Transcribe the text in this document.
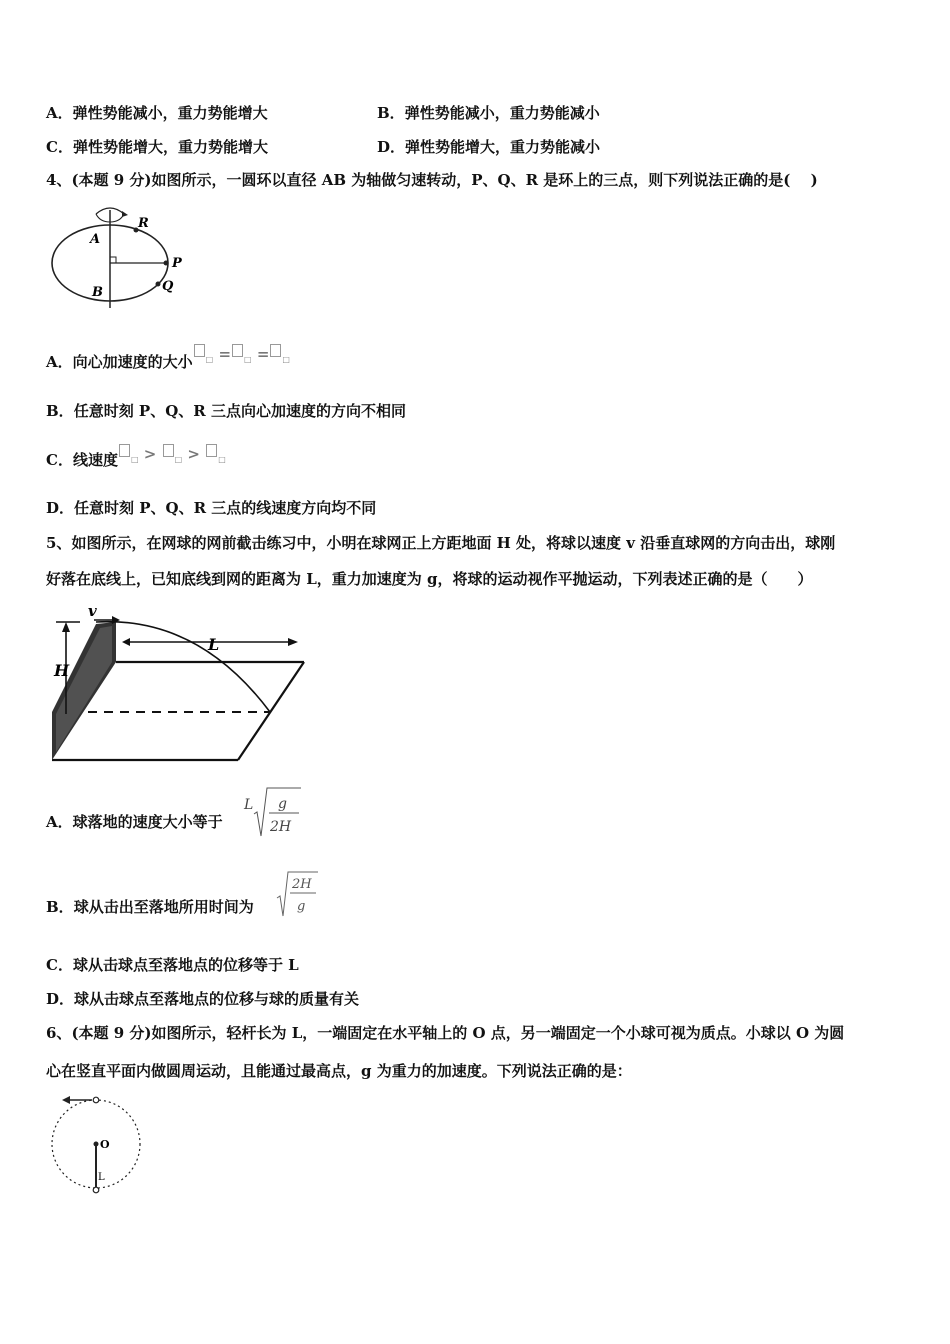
A．弹性势能减小，重力势能增大	B．弹性势能减小，重力势能减小
C．弹性势能增大，重力势能增大	D．弹性势能增大，重力势能减小
4、(本题 9 分)如图所示，一圆环以直径 AB 为轴做匀速转动，P、Q、R 是环上的三点，则下列说法正确的是(　 )
A
B
R
P
Q
A．向心加速度的大小 $_□$ = $_□$ = $_□$
B．任意时刻 P、Q、R 三点向心加速度的方向不相同
C．线速度 $_□$ > $_□$ > $_□$
D．任意时刻 P、Q、R 三点的线速度方向均不同
5、如图所示，在网球的网前截击练习中，小明在球网正上方距地面 H 处，将球以速度 v 沿垂直球网的方向击出，球刚
好落在底线上，已知底线到网的距离为 L，重力加速度为 g，将球的运动视作平抛运动，下列表述正确的是（　　）
v
H
L
A．球落地的速度大小等于
L g
2H
B．球从击出至落地所用时间为
2H
g
C．球从击球点至落地点的位移等于 L
D．球从击球点至落地点的位移与球的质量有关
6、(本题 9 分)如图所示，轻杆长为 L，一端固定在水平轴上的 O 点，另一端固定一个小球可视为质点。小球以 O 为圆
心在竖直平面内做圆周运动，且能通过最高点，g 为重力的加速度。下列说法正确的是：
O
L
